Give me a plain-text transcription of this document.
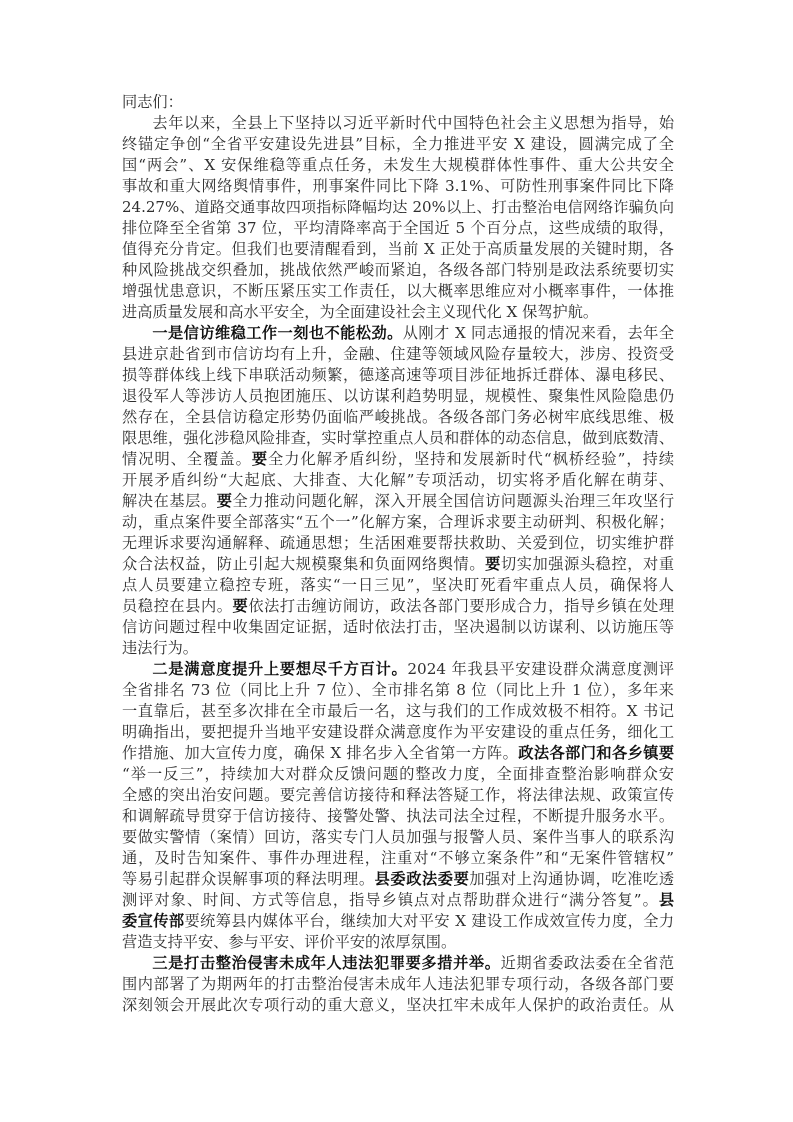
同志们：
去年以来，全县上下坚持以习近平新时代中国特色社会主义思想为指导，始
终锚定争创“全省平安建设先进县”目标，全力推进平安 X 建设，圆满完成了全
国“两会”、X 安保维稳等重点任务，未发生大规模群体性事件、重大公共安全
事故和重大网络舆情事件，刑事案件同比下降 3.1%、可防性刑事案件同比下降
24.27%、道路交通事故四项指标降幅均达 20%以上、打击整治电信网络诈骗负向
排位降至全省第 37 位，平均清降率高于全国近 5 个百分点，这些成绩的取得，
值得充分肯定。但我们也要清醒看到，当前 X 正处于高质量发展的关键时期，各
种风险挑战交织叠加，挑战依然严峻而紧迫，各级各部门特别是政法系统要切实
增强忧患意识，不断压紧压实工作责任，以大概率思维应对小概率事件，一体推
进高质量发展和高水平安全，为全面建设社会主义现代化 X 保驾护航。
一是信访维稳工作一刻也不能松劲。从刚才 X 同志通报的情况来看，去年全
县进京赴省到市信访均有上升，金融、住建等领域风险存量较大，涉房、投资受
损等群体线上线下串联活动频繁，德遂高速等项目涉征地拆迁群体、瀑电移民、
退役军人等涉访人员抱团施压、以访谋利趋势明显，规模性、聚集性风险隐患仍
然存在，全县信访稳定形势仍面临严峻挑战。各级各部门务必树牢底线思维、极
限思维，强化涉稳风险排查，实时掌控重点人员和群体的动态信息，做到底数清、
情况明、全覆盖。要全力化解矛盾纠纷，坚持和发展新时代“枫桥经验”，持续
开展矛盾纠纷“大起底、大排查、大化解”专项活动，切实将矛盾化解在萌芽、
解决在基层。要全力推动问题化解，深入开展全国信访问题源头治理三年攻坚行
动，重点案件要全部落实“五个一”化解方案，合理诉求要主动研判、积极化解；
无理诉求要沟通解释、疏通思想；生活困难要帮扶救助、关爱到位，切实维护群
众合法权益，防止引起大规模聚集和负面网络舆情。要切实加强源头稳控，对重
点人员要建立稳控专班，落实“一日三见”，坚决盯死看牢重点人员，确保将人
员稳控在县内。要依法打击缠访闹访，政法各部门要形成合力，指导乡镇在处理
信访问题过程中收集固定证据，适时依法打击，坚决遏制以访谋利、以访施压等
违法行为。
二是满意度提升上要想尽千方百计。2024 年我县平安建设群众满意度测评
全省排名 73 位（同比上升 7 位）、全市排名第 8 位（同比上升 1 位），多年来
一直靠后，甚至多次排在全市最后一名，这与我们的工作成效极不相符。X 书记
明确指出，要把提升当地平安建设群众满意度作为平安建设的重点任务，细化工
作措施、加大宣传力度，确保 X 排名步入全省第一方阵。政法各部门和各乡镇要
“举一反三”，持续加大对群众反馈问题的整改力度，全面排查整治影响群众安
全感的突出治安问题。要完善信访接待和释法答疑工作，将法律法规、政策宣传
和调解疏导贯穿于信访接待、接警处警、执法司法全过程，不断提升服务水平。
要做实警情（案情）回访，落实专门人员加强与报警人员、案件当事人的联系沟
通，及时告知案件、事件办理进程，注重对“不够立案条件”和“无案件管辖权”
等易引起群众误解事项的释法明理。县委政法委要加强对上沟通协调，吃准吃透
测评对象、时间、方式等信息，指导乡镇点对点帮助群众进行“满分答复”。县
委宣传部要统筹县内媒体平台，继续加大对平安 X 建设工作成效宣传力度，全力
营造支持平安、参与平安、评价平安的浓厚氛围。
三是打击整治侵害未成年人违法犯罪要多措并举。近期省委政法委在全省范
围内部署了为期两年的打击整治侵害未成年人违法犯罪专项行动，各级各部门要
深刻领会开展此次专项行动的重大意义，坚决扛牢未成年人保护的政治责任。从
